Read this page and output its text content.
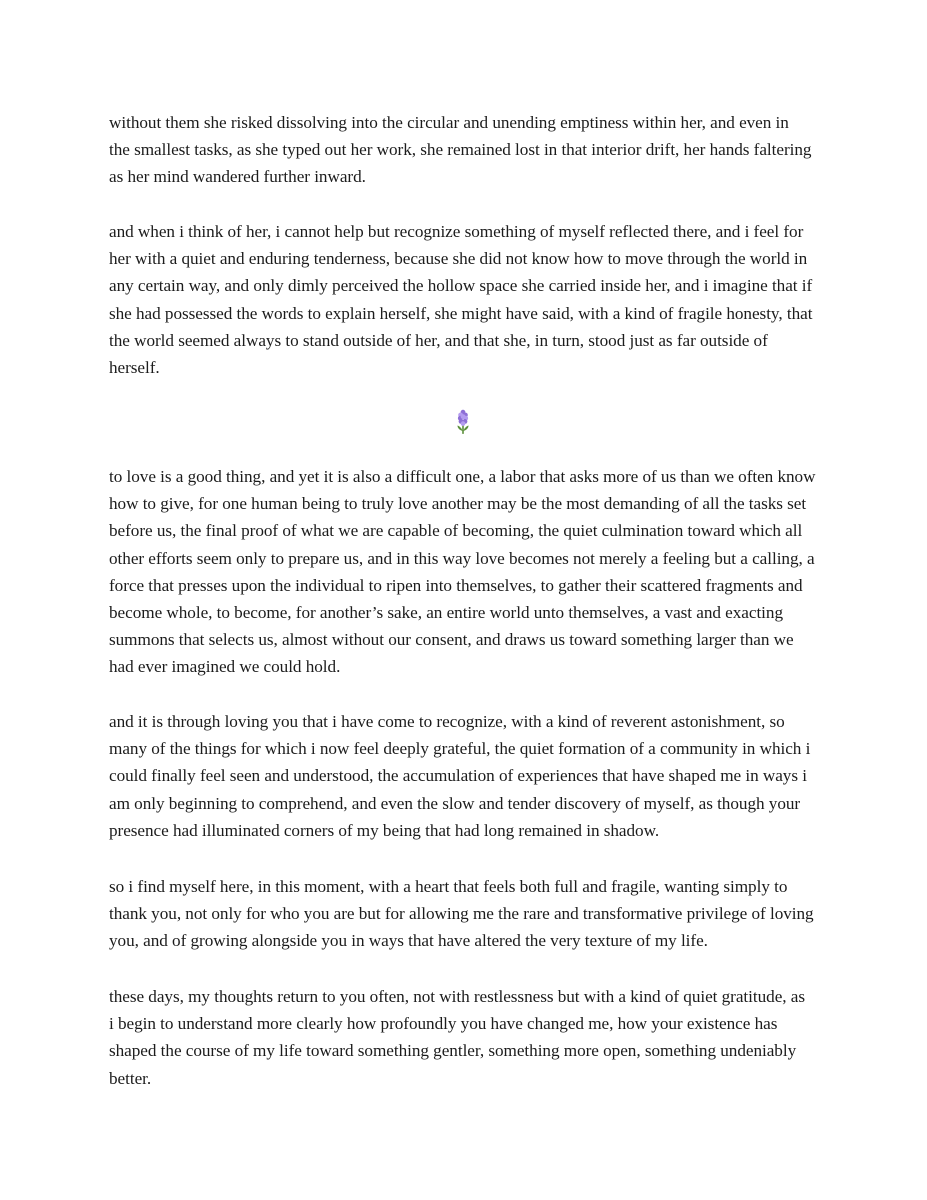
without them she risked dissolving into the circular and unending emptiness within her, and even in
the smallest tasks, as she typed out her work, she remained lost in that interior drift, her hands faltering
as her mind wandered further inward.

and when i think of her, i cannot help but recognize something of myself reflected there, and i feel for
her with a quiet and enduring tenderness, because she did not know how to move through the world in
any certain way, and only dimly perceived the hollow space she carried inside her, and i imagine that if
she had possessed the words to explain herself, she might have said, with a kind of fragile honesty, that
the world seemed always to stand outside of her, and that she, in turn, stood just as far outside of
herself.

to love is a good thing, and yet it is also a difficult one, a labor that asks more of us than we often know
how to give, for one human being to truly love another may be the most demanding of all the tasks set
before us, the final proof of what we are capable of becoming, the quiet culmination toward which all
other efforts seem only to prepare us, and in this way love becomes not merely a feeling but a calling, a
force that presses upon the individual to ripen into themselves, to gather their scattered fragments and
become whole, to become, for another’s sake, an entire world unto themselves, a vast and exacting
summons that selects us, almost without our consent, and draws us toward something larger than we
had ever imagined we could hold.

and it is through loving you that i have come to recognize, with a kind of reverent astonishment, so
many of the things for which i now feel deeply grateful, the quiet formation of a community in which i
could finally feel seen and understood, the accumulation of experiences that have shaped me in ways i
am only beginning to comprehend, and even the slow and tender discovery of myself, as though your
presence had illuminated corners of my being that had long remained in shadow.

so i find myself here, in this moment, with a heart that feels both full and fragile, wanting simply to
thank you, not only for who you are but for allowing me the rare and transformative privilege of loving
you, and of growing alongside you in ways that have altered the very texture of my life.

these days, my thoughts return to you often, not with restlessness but with a kind of quiet gratitude, as
i begin to understand more clearly how profoundly you have changed me, how your existence has
shaped the course of my life toward something gentler, something more open, something undeniably
better.
